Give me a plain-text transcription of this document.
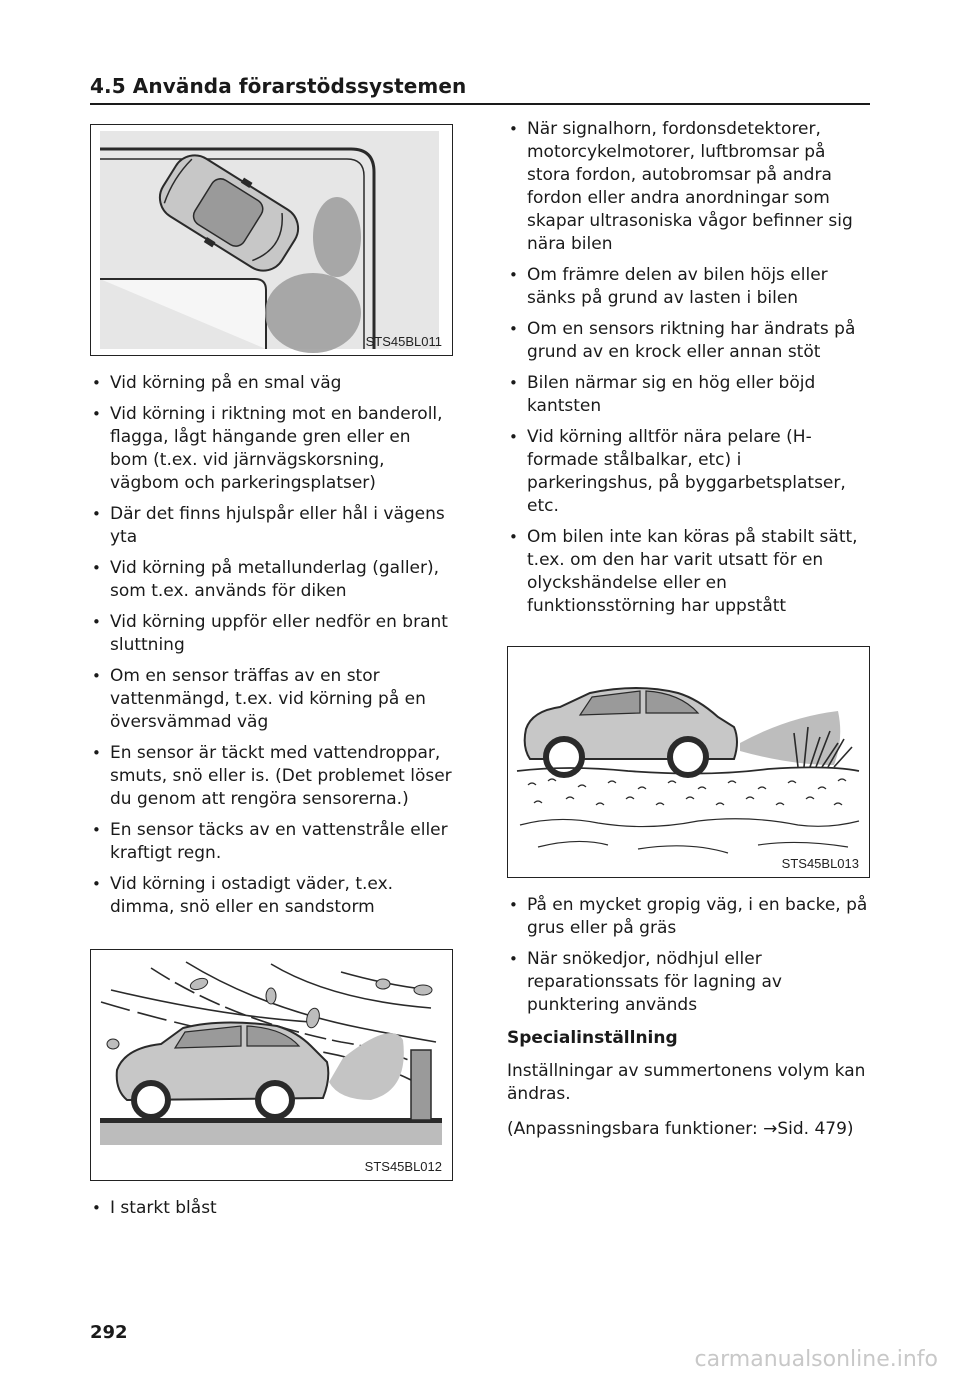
4.5 Använda förarstödssystemen
STS45BL011
• Vid körning på en smal väg
• Vid körning i riktning mot en banderoll, flagga, lågt hängande gren eller en bom (t.ex. vid järnvägskorsning, vägbom och parkeringsplatser)
• Där det finns hjulspår eller hål i vägens yta
• Vid körning på metallunderlag (galler), som t.ex. används för diken
• Vid körning uppför eller nedför en brant sluttning
• Om en sensor träffas av en stor vattenmängd, t.ex. vid körning på en översvämmad väg
• En sensor är täckt med vattendroppar, smuts, snö eller is. (Det problemet löser du genom att rengöra sensorerna.)
• En sensor täcks av en vattenstråle eller kraftigt regn.
• Vid körning i ostadigt väder, t.ex. dimma, snö eller en sandstorm
STS45BL012
• I starkt blåst
• När signalhorn, fordonsdetektorer, motorcykelmotorer, luftbromsar på stora fordon, autobromsar på andra fordon eller andra anordningar som skapar ultrasoniska vågor befinner sig nära bilen
• Om främre delen av bilen höjs eller sänks på grund av lasten i bilen
• Om en sensors riktning har ändrats på grund av en krock eller annan stöt
• Bilen närmar sig en hög eller böjd kantsten
• Vid körning alltför nära pelare (H-formade stålbalkar, etc) i parkeringshus, på byggarbetsplatser, etc.
• Om bilen inte kan köras på stabilt sätt, t.ex. om den har varit utsatt för en olyckshändelse eller en funktionsstörning har uppstått
STS45BL013
• På en mycket gropig väg, i en backe, på grus eller på gräs
• När snökedjor, nödhjul eller reparationssats för lagning av punktering används
Specialinställning

Inställningar av summertonens volym kan ändras.

(Anpassningsbara funktioner: →Sid. 479)

292
carmanualsonline.info
